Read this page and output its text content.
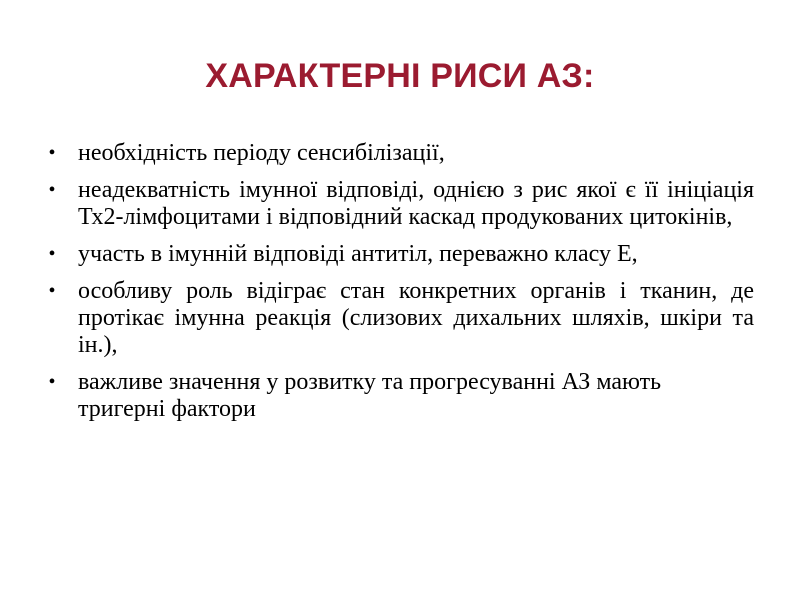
ХАРАКТЕРНІ РИСИ АЗ:
• необхідність періоду сенсибілізації,
• неадекватність імунної відповіді, однією з рис якої є її ініціація Тх2-лімфоцитами і відповідний каскад продукованих цитокінів,
• участь в імунній відповіді антитіл, переважно класу Е,
• особливу роль відіграє стан конкретних органів і тканин, де протікає імунна реакція (слизових дихальних шляхів, шкіри та ін.),
• важливе значення у розвитку та прогресуванні АЗ мають тригерні фактори
